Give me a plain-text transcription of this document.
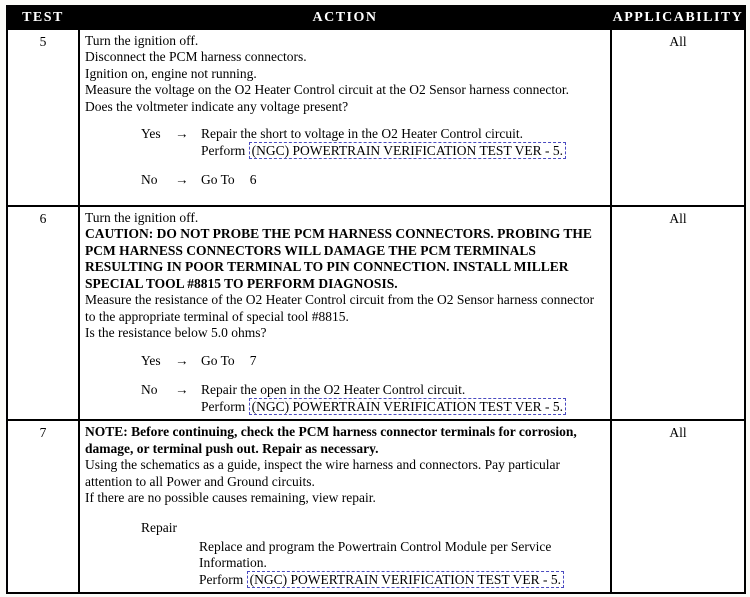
TEST	ACTION	APPLICABILITY
5	Turn the ignition off.
Disconnect the PCM harness connectors.
Ignition on, engine not running.
Measure the voltage on the O2 Heater Control circuit at the O2 Sensor harness connector.
Does the voltmeter indicate any voltage present?
Yes	→ Repair the short to voltage in the O2 Heater Control circuit.
Perform (NGC) POWERTRAIN VERIFICATION TEST VER - 5.
No	→ Go To 6
	All
6	Turn the ignition off.
CAUTION: DO NOT PROBE THE PCM HARNESS CONNECTORS. PROBING THE PCM HARNESS CONNECTORS WILL DAMAGE THE PCM TERMINALS RESULTING IN POOR TERMINAL TO PIN CONNECTION. INSTALL MILLER SPECIAL TOOL #8815 TO PERFORM DIAGNOSIS.
Measure the resistance of the O2 Heater Control circuit from the O2 Sensor harness connector to the appropriate terminal of special tool #8815.
Is the resistance below 5.0 ohms?
Yes	→ Go To 7
No	→ Repair the open in the O2 Heater Control circuit.
Perform (NGC) POWERTRAIN VERIFICATION TEST VER - 5.
	All
7	NOTE: Before continuing, check the PCM harness connector terminals for corrosion, damage, or terminal push out. Repair as necessary.
Using the schematics as a guide, inspect the wire harness and connectors. Pay particular attention to all Power and Ground circuits.
If there are no possible causes remaining, view repair.
Repair
Replace and program the Powertrain Control Module per Service Information.
Perform (NGC) POWERTRAIN VERIFICATION TEST VER - 5.
	All
